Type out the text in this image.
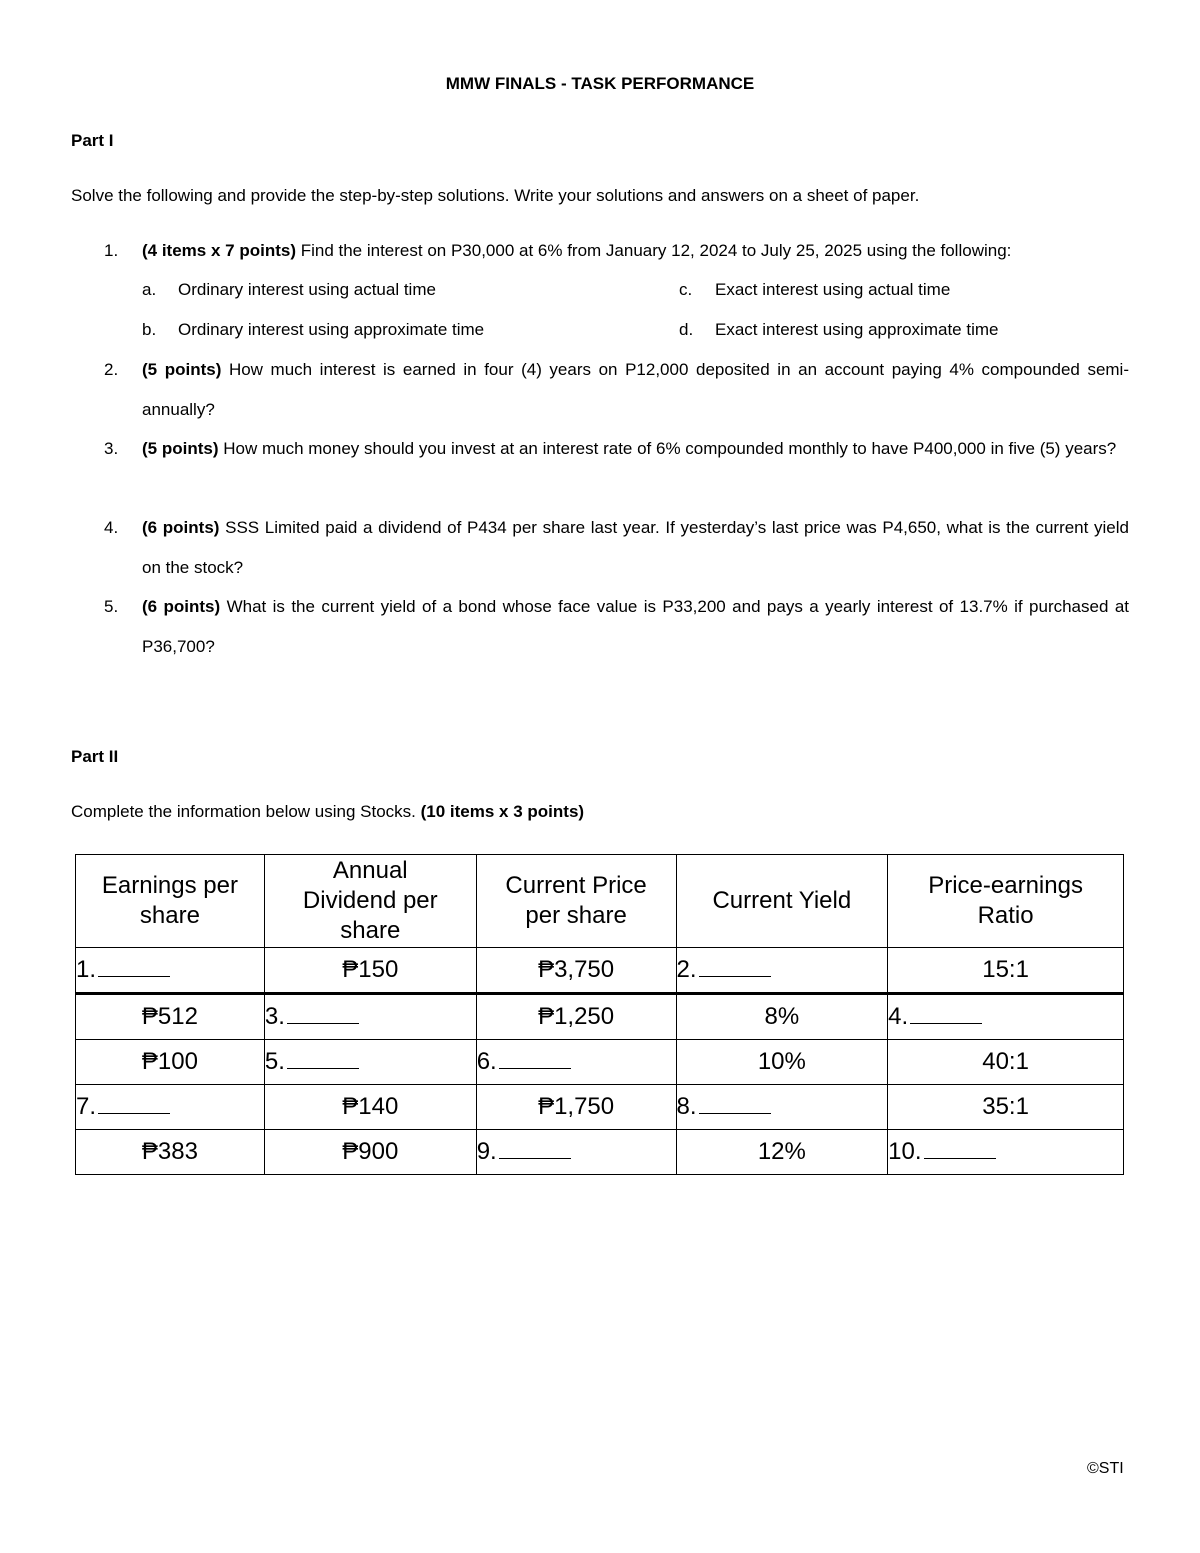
MMW FINALS - TASK PERFORMANCE
Part I
Solve the following and provide the step-by-step solutions. Write your solutions and answers on a sheet of paper.
1. (4 items x 7 points) Find the interest on P30,000 at 6% from January 12, 2024 to July 25, 2025 using the following:
a. Ordinary interest using actual time
b. Ordinary interest using approximate time
c. Exact interest using actual time
d. Exact interest using approximate time
2. (5 points) How much interest is earned in four (4) years on P12,000 deposited in an account paying 4% compounded semi-annually?
3. (5 points) How much money should you invest at an interest rate of 6% compounded monthly to have P400,000 in five (5) years?
4. (6 points) SSS Limited paid a dividend of P434 per share last year. If yesterday’s last price was P4,650, what is the current yield on the stock?
5. (6 points) What is the current yield of a bond whose face value is P33,200 and pays a yearly interest of 13.7% if purchased at P36,700?
Part II
Complete the information below using Stocks. (10 items x 3 points)
Earnings per share	Annual Dividend per share	Current Price per share	Current Yield	Price-earnings Ratio
1.	₱150	₱3,750	2.	15:1
₱512	3.	₱1,250	8%	4.
₱100	5.	6.	10%	40:1
7.	₱140	₱1,750	8.	35:1
₱383	₱900	9.	12%	10.
©STI
